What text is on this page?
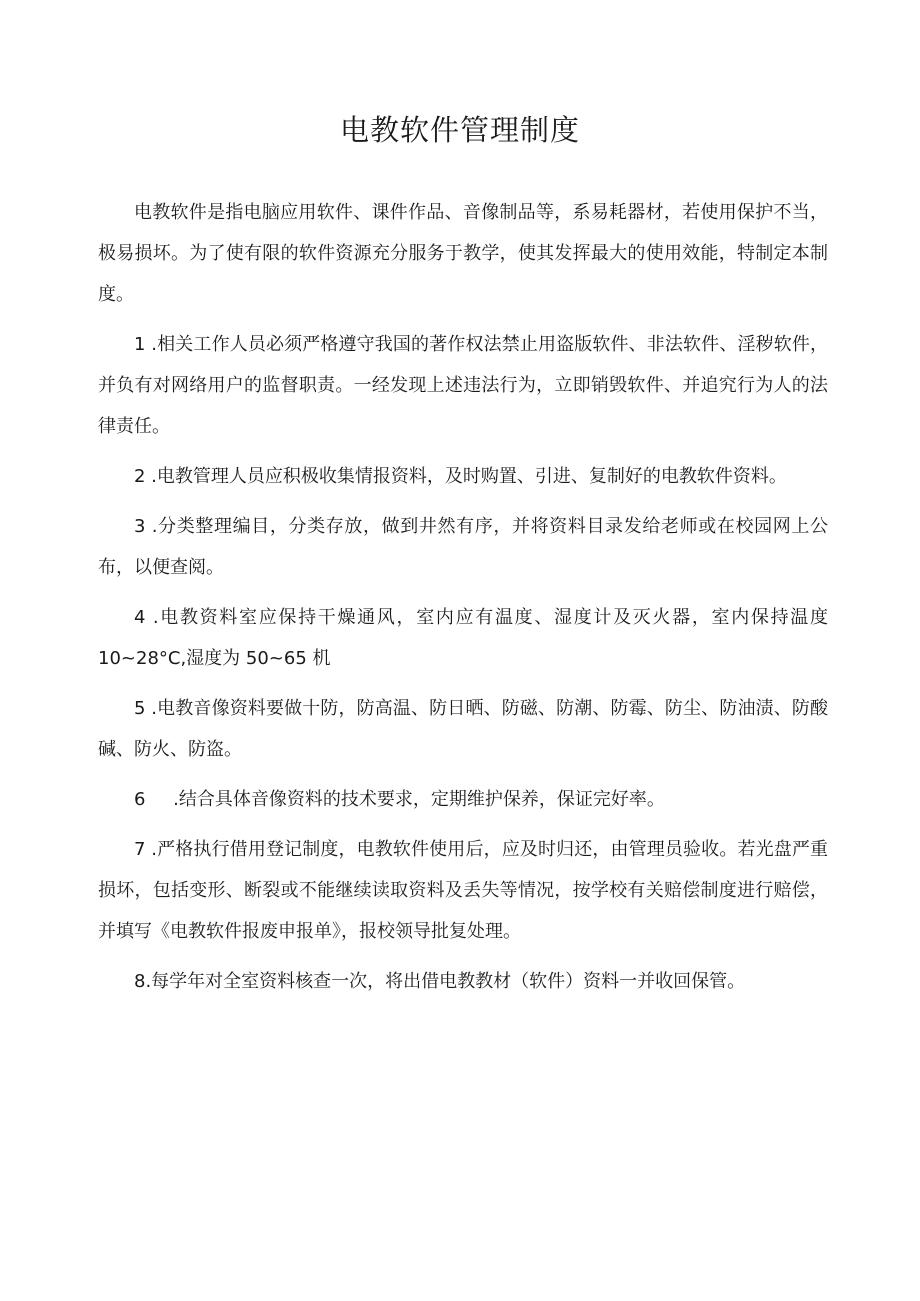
电教软件管理制度

电教软件是指电脑应用软件、课件作品、音像制品等，系易耗器材，若使用保护不当，极易损坏。为了使有限的软件资源充分服务于教学，使其发挥最大的使用效能，特制定本制度。

1 .相关工作人员必须严格遵守我国的著作权法禁止用盗版软件、非法软件、淫秽软件，并负有对网络用户的监督职责。一经发现上述违法行为，立即销毁软件、并追究行为人的法律责任。

2 .电教管理人员应积极收集情报资料，及时购置、引进、复制好的电教软件资料。

3 .分类整理编目，分类存放，做到井然有序，并将资料目录发给老师或在校园网上公布，以便查阅。

4 .电教资料室应保持干燥通风，室内应有温度、湿度计及灭火器，室内保持温度 10~28°C,湿度为 50~65 机

5 .电教音像资料要做十防，防高温、防日晒、防磁、防潮、防霉、防尘、防油渍、防酸碱、防火、防盗。

6 .结合具体音像资料的技术要求，定期维护保养，保证完好率。

7 .严格执行借用登记制度，电教软件使用后，应及时归还，由管理员验收。若光盘严重损坏，包括变形、断裂或不能继续读取资料及丢失等情况，按学校有关赔偿制度进行赔偿，并填写《电教软件报废申报单》，报校领导批复处理。

8.每学年对全室资料核查一次，将出借电教教材（软件）资料一并收回保管。
